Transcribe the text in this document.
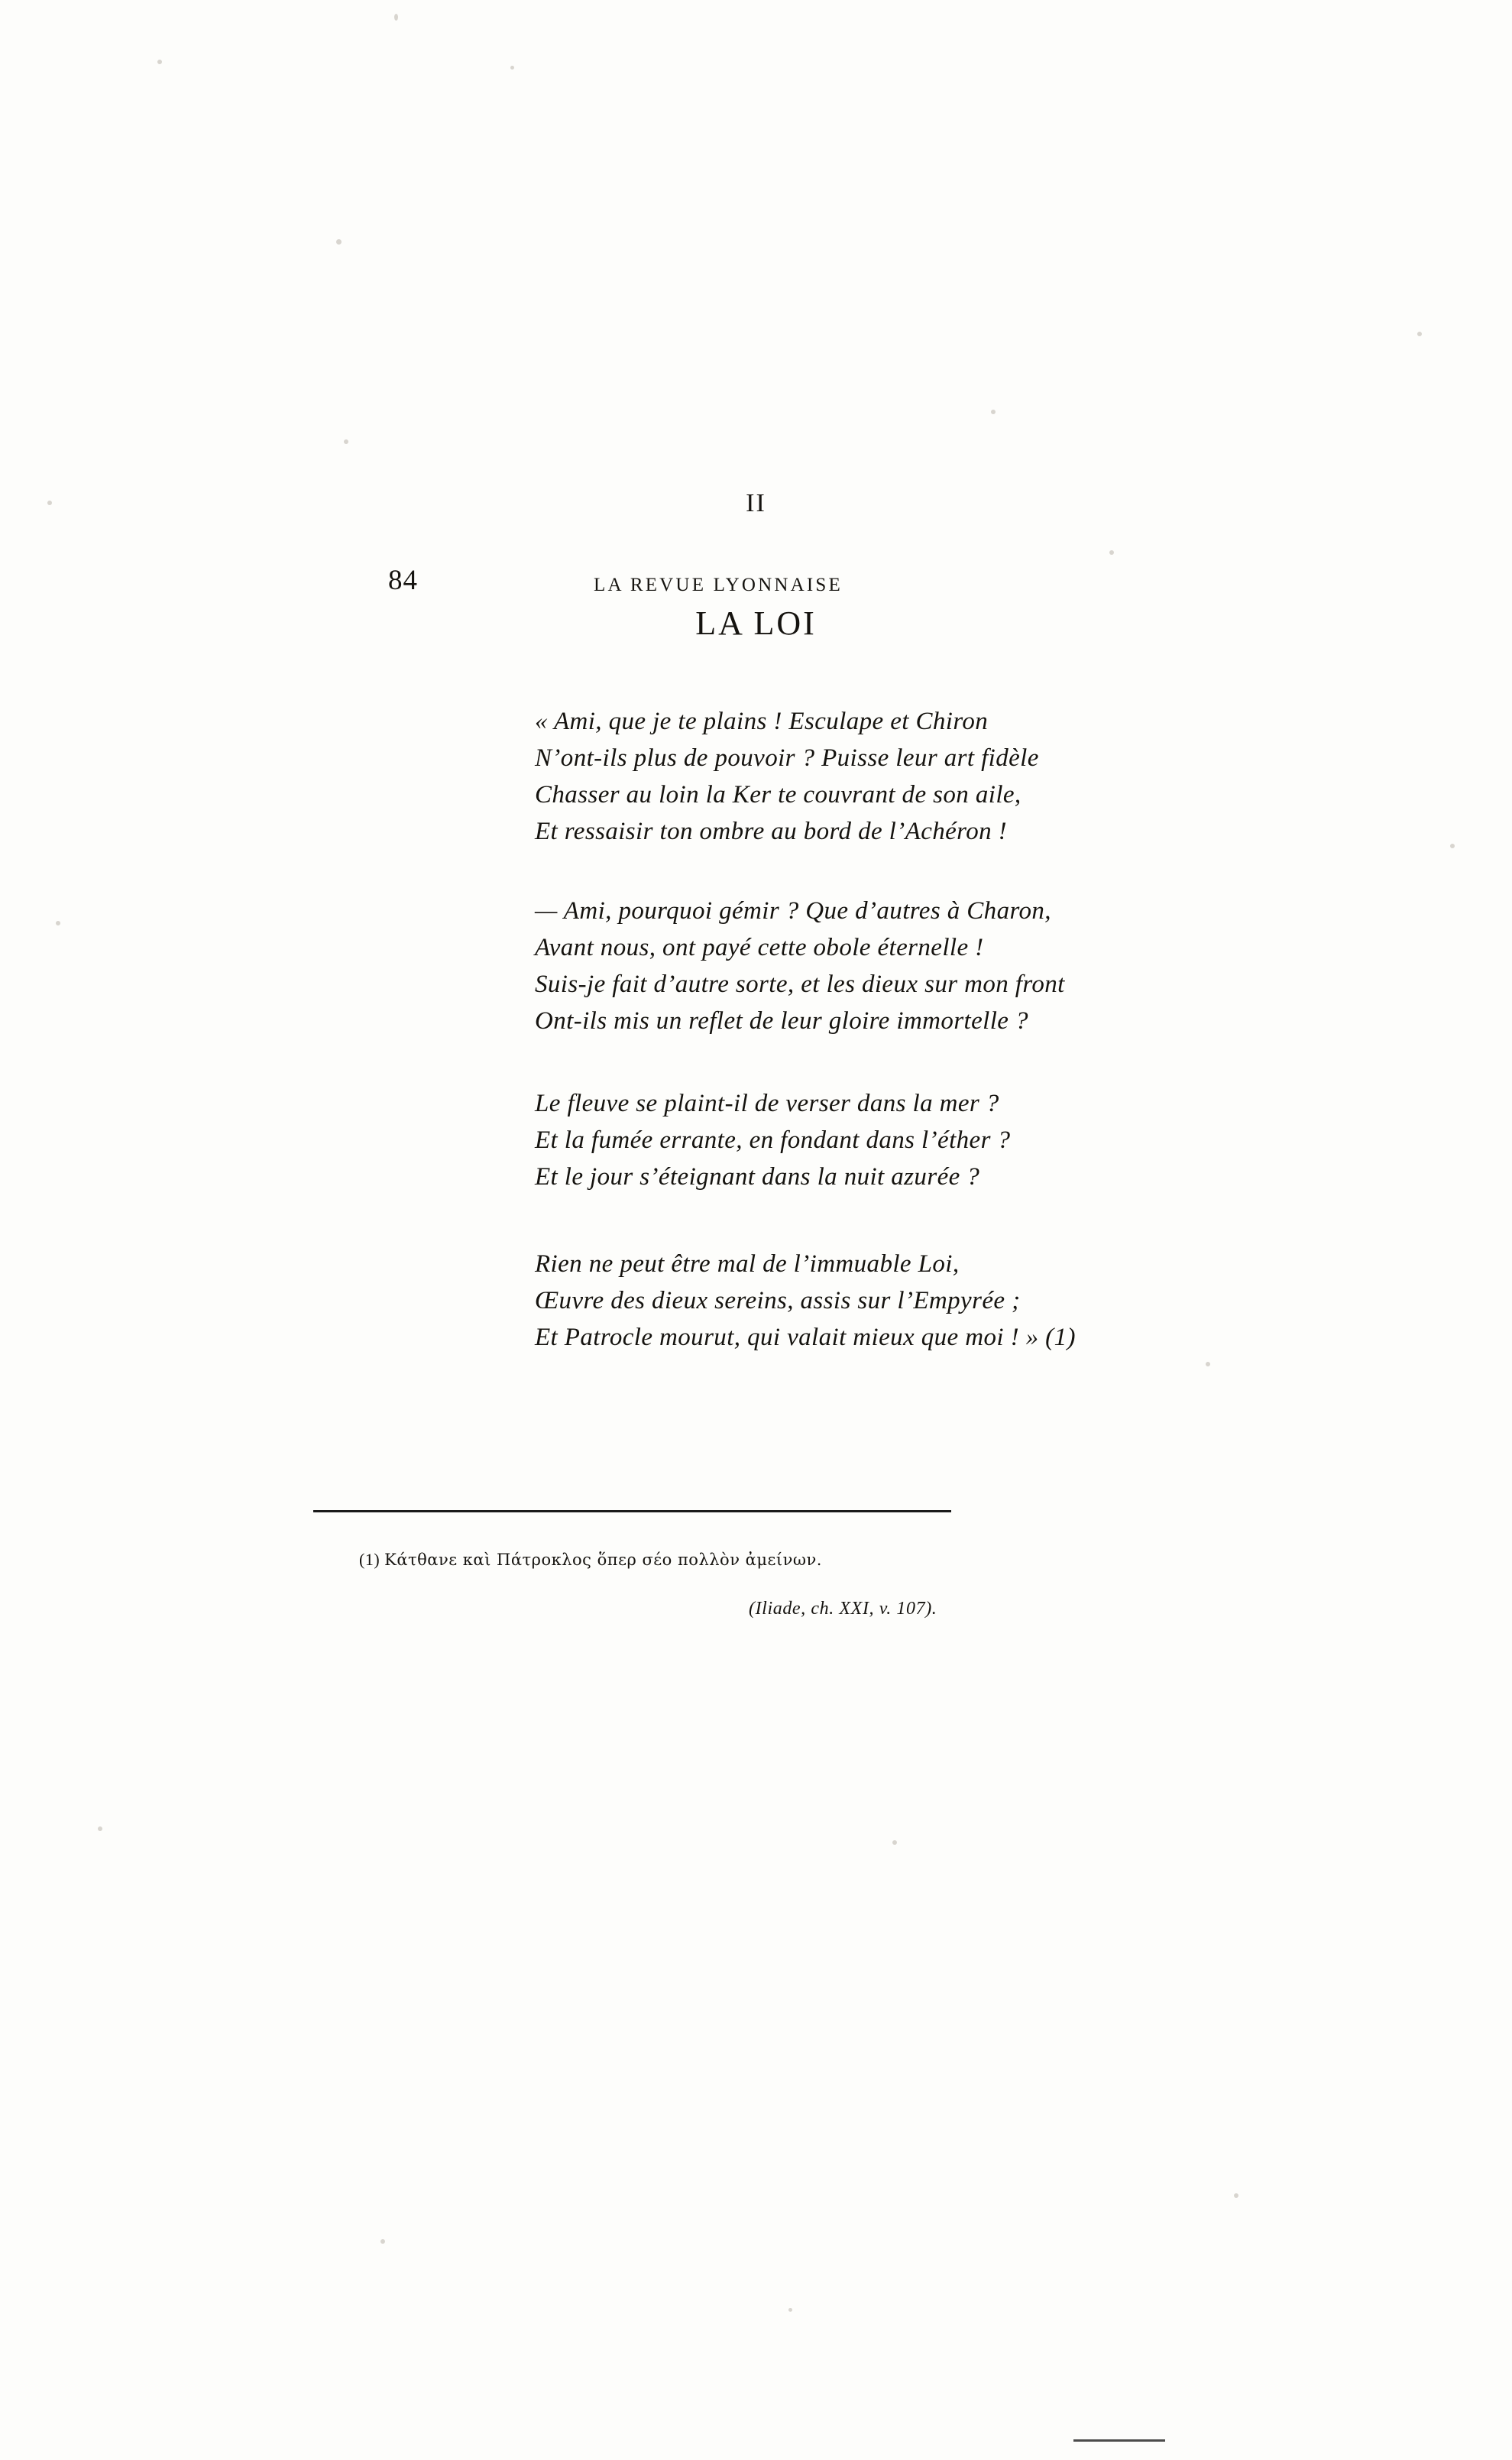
84	LA REVUE LYONNAISE
II
LA LOI
« Ami, que je te plains ! Esculape et Chiron
N’ont-ils plus de pouvoir ? Puisse leur art fidèle
Chasser au loin la Ker te couvrant de son aile,
Et ressaisir ton ombre au bord de l’Achéron !
— Ami, pourquoi gémir ? Que d’autres à Charon,
Avant nous, ont payé cette obole éternelle !
Suis-je fait d’autre sorte, et les dieux sur mon front
Ont-ils mis un reflet de leur gloire immortelle ?
Le fleuve se plaint-il de verser dans la mer ?
Et la fumée errante, en fondant dans l’éther ?
Et le jour s’éteignant dans la nuit azurée ?
Rien ne peut être mal de l’immuable Loi,
Œuvre des dieux sereins, assis sur l’Empyrée ;
Et Patrocle mourut, qui valait mieux que moi ! » (1)
(1) Κάτθανε καὶ Πάτροκλος ὅπερ σέο πολλὸν ἀμείνων.
(Iliade, ch. XXI, v. 107).
